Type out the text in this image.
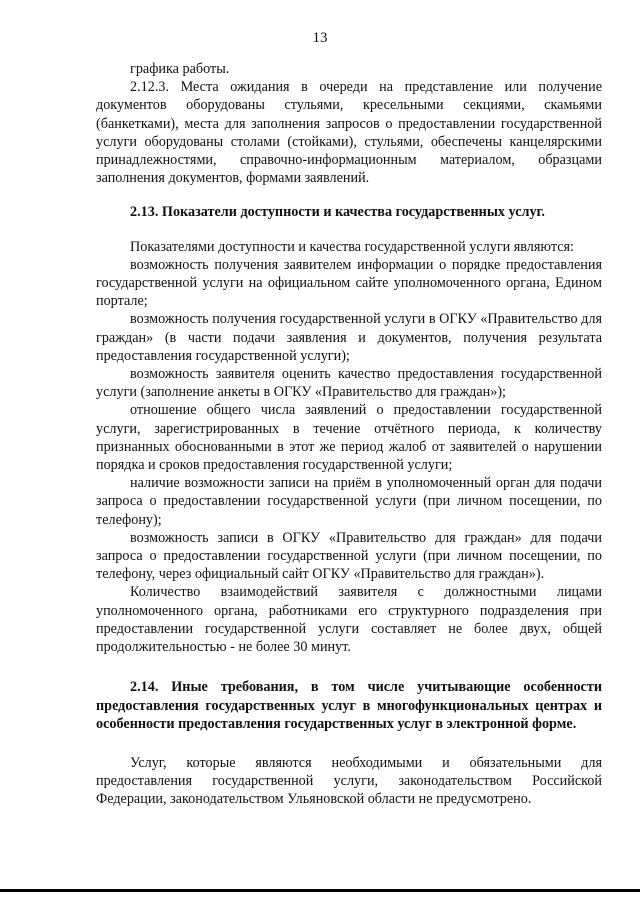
13

графика работы.

2.12.3. Места ожидания в очереди на представление или получение документов оборудованы стульями, кресельными секциями, скамьями (банкетками), места для заполнения запросов о предоставлении государственной услуги оборудованы столами (стойками), стульями, обеспечены канцелярскими принадлежностями, справочно-информационным материалом, образцами заполнения документов, формами заявлений.

2.13. Показатели доступности и качества государственных услуг.

Показателями доступности и качества государственной услуги являются:

возможность получения заявителем информации о порядке предоставления государственной услуги на официальном сайте уполномоченного органа, Едином портале;

возможность получения государственной услуги в ОГКУ «Правительство для граждан» (в части подачи заявления и документов, получения результата предоставления государственной услуги);

возможность заявителя оценить качество предоставления государственной услуги (заполнение анкеты в ОГКУ «Правительство для граждан»);

отношение общего числа заявлений о предоставлении государственной услуги, зарегистрированных в течение отчётного периода, к количеству признанных обоснованными в этот же период жалоб от заявителей о нарушении порядка и сроков предоставления государственной услуги;

наличие возможности записи на приём в уполномоченный орган для подачи запроса о предоставлении государственной услуги (при личном посещении, по телефону);

возможность записи в ОГКУ «Правительство для граждан» для подачи запроса о предоставлении государственной услуги (при личном посещении, по телефону, через официальный сайт ОГКУ «Правительство для граждан»).

Количество взаимодействий заявителя с должностными лицами уполномоченного органа, работниками его структурного подразделения при предоставлении государственной услуги составляет не более двух, общей продолжительностью - не более 30 минут.

2.14. Иные требования, в том числе учитывающие особенности предоставления государственных услуг в многофункциональных центрах и особенности предоставления государственных услуг в электронной форме.

Услуг, которые являются необходимыми и обязательными для предоставления государственной услуги, законодательством Российской Федерации, законодательством Ульяновской области не предусмотрено.
